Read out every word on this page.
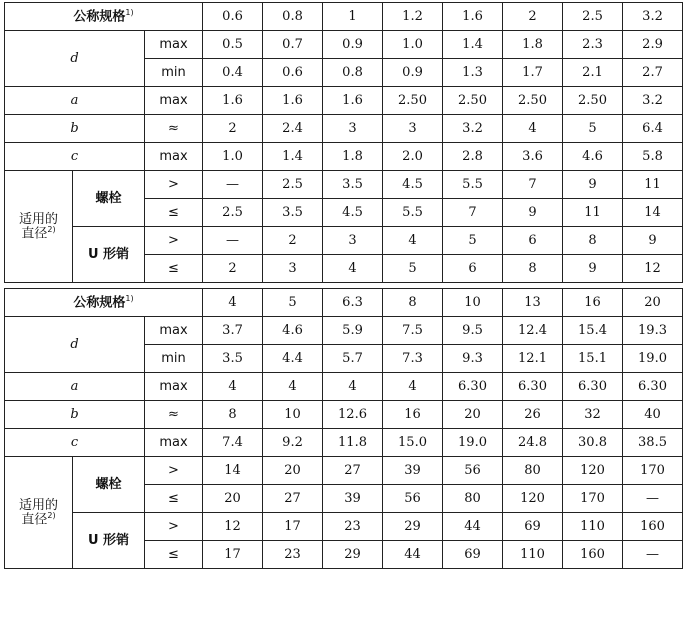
公称规格$^{1)}$			0.6	0.8	1	1.2	1.6	2	2.5	3.2
d		max	0.5	0.7	0.9	1.0	1.4	1.8	2.3	2.9
		min	0.4	0.6	0.8	0.9	1.3	1.7	2.1	2.7
a		max	1.6	1.6	1.6	2.50	2.50	2.50	2.50	3.2
b		≈	2	2.4	3	3	3.2	4	5	6.4
c		max	1.0	1.4	1.8	2.0	2.8	3.6	4.6	5.8
适用的
直径$^{2)}$	螺栓	>	—	2.5	3.5	4.5	5.5	7	9	11
		≤	2.5	3.5	4.5	5.5	7	9	11	14
	U 形销	>	—	2	3	4	5	6	8	9
		≤	2	3	4	5	6	8	9	12

公称规格$^{1)}$			4	5	6.3	8	10	13	16	20
d		max	3.7	4.6	5.9	7.5	9.5	12.4	15.4	19.3
		min	3.5	4.4	5.7	7.3	9.3	12.1	15.1	19.0
a		max	4	4	4	4	6.30	6.30	6.30	6.30
b		≈	8	10	12.6	16	20	26	32	40
c		max	7.4	9.2	11.8	15.0	19.0	24.8	30.8	38.5
适用的
直径$^{2)}$	螺栓	>	14	20	27	39	56	80	120	170
		≤	20	27	39	56	80	120	170	—
	U 形销	>	12	17	23	29	44	69	110	160
		≤	17	23	29	44	69	110	160	—
